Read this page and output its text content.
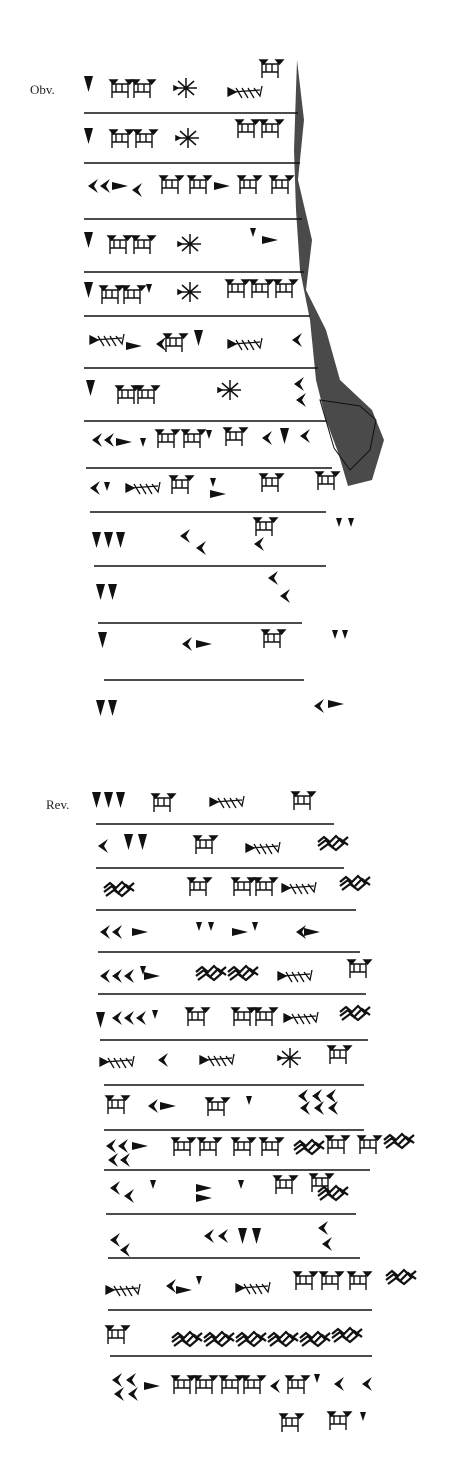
Obv.
Rev.
